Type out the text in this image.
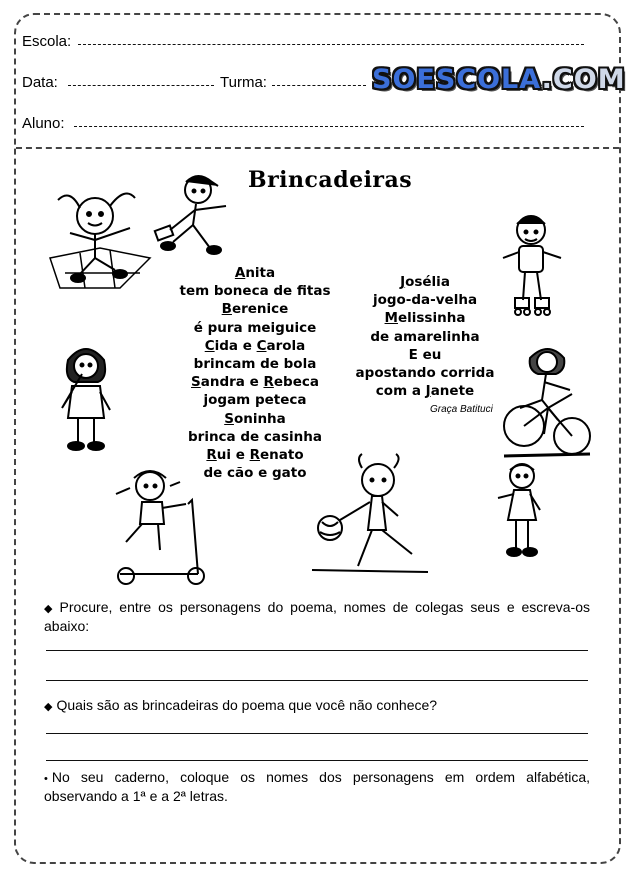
Escola:
Data:	Turma:	SOESCOLA.COM
Aluno:
Brincadeiras
Anita
tem boneca de fitas
Berenice
é pura meiguice
Cida e Carola
brincam de bola
Sandra e Rebeca
jogam peteca
Soninha
brinca de casinha
Rui e Renato
de cão e gato
Josélia
jogo-da-velha
Melissinha
de amarelinha
E eu
apostando corrida
com a Janete
Graça Batituci
◆ Procure, entre os personagens do poema, nomes de colegas seus e escreva-os abaixo:
◆ Quais são as brincadeiras do poema que você não conhece?
• No seu caderno, coloque os nomes dos personagens em ordem alfabética, observando a 1ª e a 2ª letras.
